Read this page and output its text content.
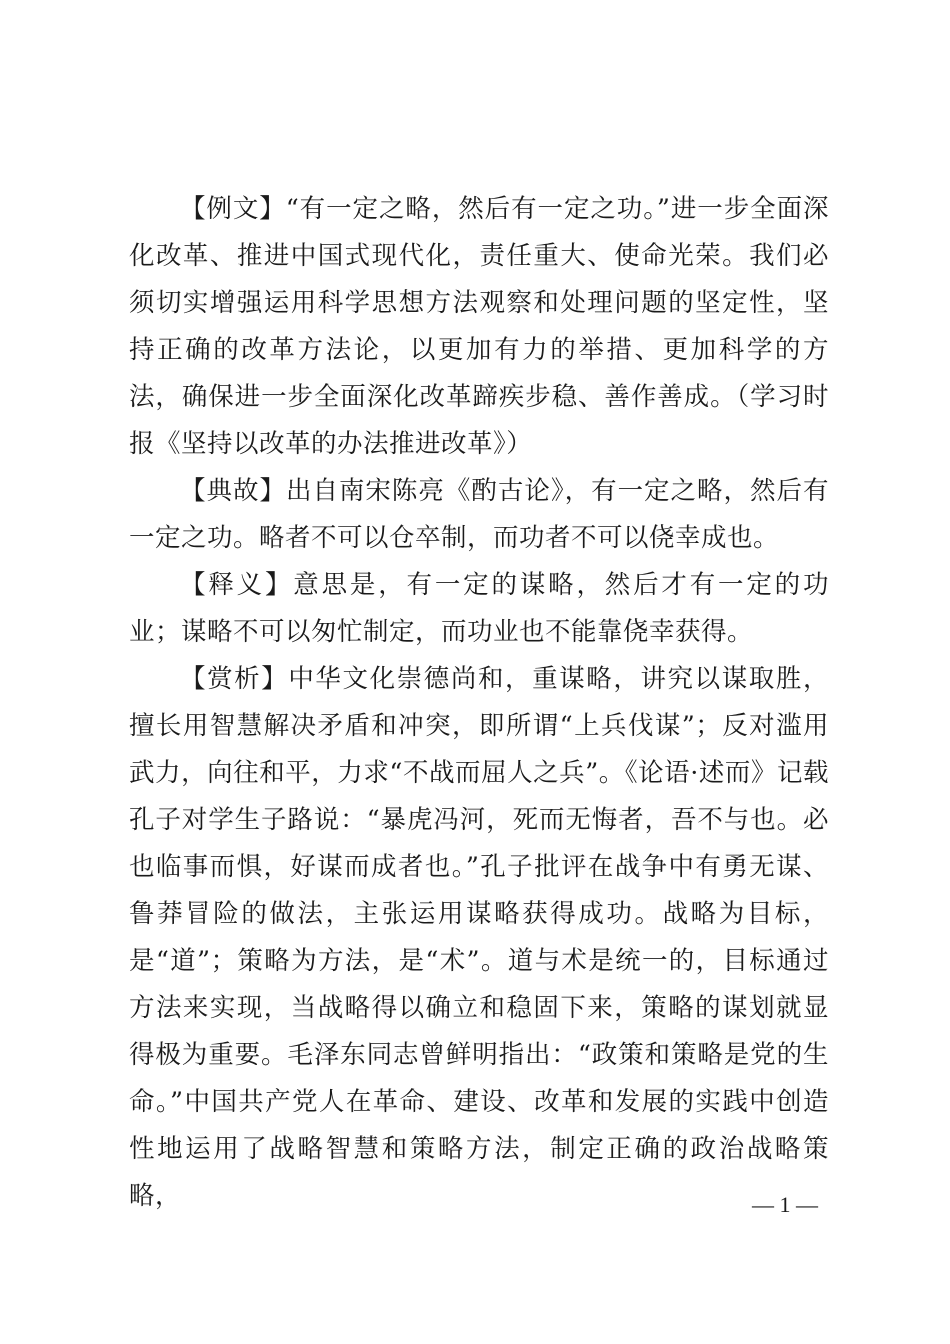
【例文】“有一定之略，然后有一定之功。”进一步全面深化改革、推进中国式现代化，责任重大、使命光荣。我们必须切实增强运用科学思想方法观察和处理问题的坚定性，坚持正确的改革方法论，以更加有力的举措、更加科学的方法，确保进一步全面深化改革蹄疾步稳、善作善成。（学习时报《坚持以改革的办法推进改革》）

【典故】出自南宋陈亮《酌古论》，有一定之略，然后有一定之功。略者不可以仓卒制，而功者不可以侥幸成也。

【释义】意思是，有一定的谋略，然后才有一定的功业；谋略不可以匆忙制定，而功业也不能靠侥幸获得。

【赏析】中华文化崇德尚和，重谋略，讲究以谋取胜，擅长用智慧解决矛盾和冲突，即所谓“上兵伐谋”；反对滥用武力，向往和平，力求“不战而屈人之兵”。《论语·述而》记载孔子对学生子路说：“暴虎冯河，死而无悔者，吾不与也。必也临事而惧，好谋而成者也。”孔子批评在战争中有勇无谋、鲁莽冒险的做法，主张运用谋略获得成功。战略为目标，是“道”；策略为方法，是“术”。道与术是统一的，目标通过方法来实现，当战略得以确立和稳固下来，策略的谋划就显得极为重要。毛泽东同志曾鲜明指出：“政策和策略是党的生命。”中国共产党人在革命、建设、改革和发展的实践中创造性地运用了战略智慧和策略方法，制定正确的政治战略策略，	— 1 —
